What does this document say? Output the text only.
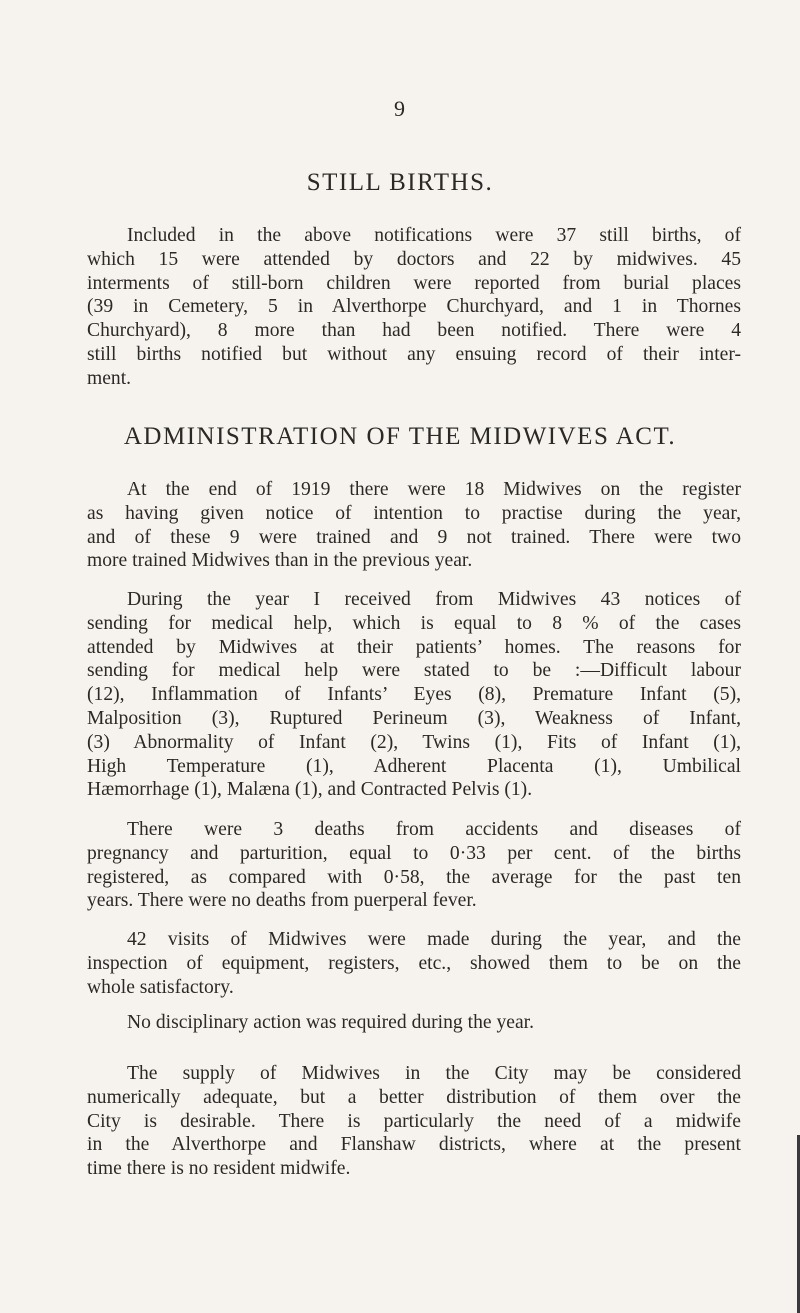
9
STILL BIRTHS.

Included in the above notifications were 37 still births, of
which 15 were attended by doctors and 22 by midwives. 45
interments of still-born children were reported from burial places
(39 in Cemetery, 5 in Alverthorpe Churchyard, and 1 in Thornes
Churchyard), 8 more than had been notified. There were 4
still births notified but without any ensuing record of their inter-
ment.

ADMINISTRATION OF THE MIDWIVES ACT.

At the end of 1919 there were 18 Midwives on the register
as having given notice of intention to practise during the year,
and of these 9 were trained and 9 not trained. There were two
more trained Midwives than in the previous year.

During the year I received from Midwives 43 notices of
sending for medical help, which is equal to 8 % of the cases
attended by Midwives at their patients’ homes. The reasons for
sending for medical help were stated to be :—Difficult labour
(12), Inflammation of Infants’ Eyes (8), Premature Infant (5),
Malposition (3), Ruptured Perineum (3), Weakness of Infant,
(3) Abnormality of Infant (2), Twins (1), Fits of Infant (1),
High Temperature (1), Adherent Placenta (1), Umbilical
Hæmorrhage (1), Malæna (1), and Contracted Pelvis (1).

There were 3 deaths from accidents and diseases of
pregnancy and parturition, equal to 0·33 per cent. of the births
registered, as compared with 0·58, the average for the past ten
years. There were no deaths from puerperal fever.

42 visits of Midwives were made during the year, and the
inspection of equipment, registers, etc., showed them to be on the
whole satisfactory.

No disciplinary action was required during the year.

The supply of Midwives in the City may be considered
numerically adequate, but a better distribution of them over the
City is desirable. There is particularly the need of a midwife
in the Alverthorpe and Flanshaw districts, where at the present
time there is no resident midwife.
